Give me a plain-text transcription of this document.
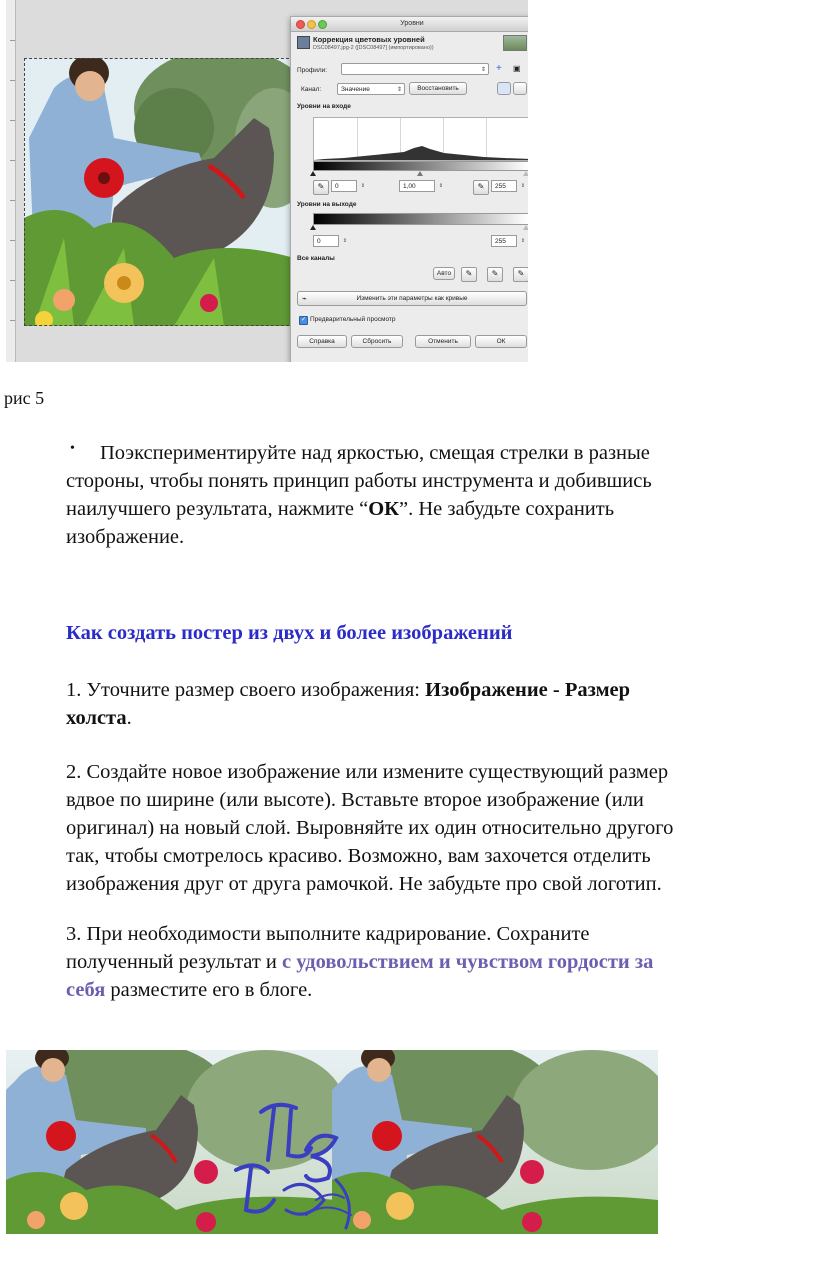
Уровни
Коррекция цветовых уровней
DSC08497.jpg-2 ([DSC08497] (импортировано))
Профили:	⇕ + ▣
Канал:	Значение	⇕	Восстановить
Уровни на входе
✎	0	⇕	1,00	⇕	✎	255	⇕
Уровни на выходе
0	⇕	255	⇕
Все каналы
Авто	✎	✎	✎
⌁	Изменить эти параметры как кривые
✓ Предварительный просмотр
Справка	Сбросить	Отменить	ОК
рис 5
• Поэкспериментируйте над яркостью, смещая стрелки в разные
стороны, чтобы понять принцип работы инструмента и добившись
наилучшего результата, нажмите “ОК”. Не забудьте сохранить
изображение.
Как создать постер из двух и более изображений
1. Уточните размер своего изображения: Изображение - Размер
холста.
2. Создайте новое изображение или измените существующий размер
вдвое по ширине (или высоте). Вставьте второе изображение (или
оригинал) на новый слой. Выровняйте их один относительно другого
так, чтобы смотрелось красиво. Возможно, вам захочется отделить
изображения друг от друга рамочкой. Не забудьте про свой логотип.
3. При необходимости выполните кадрирование. Сохраните
полученный результат и с удовольствием и чувством гордости за
себя разместите его в блоге.
